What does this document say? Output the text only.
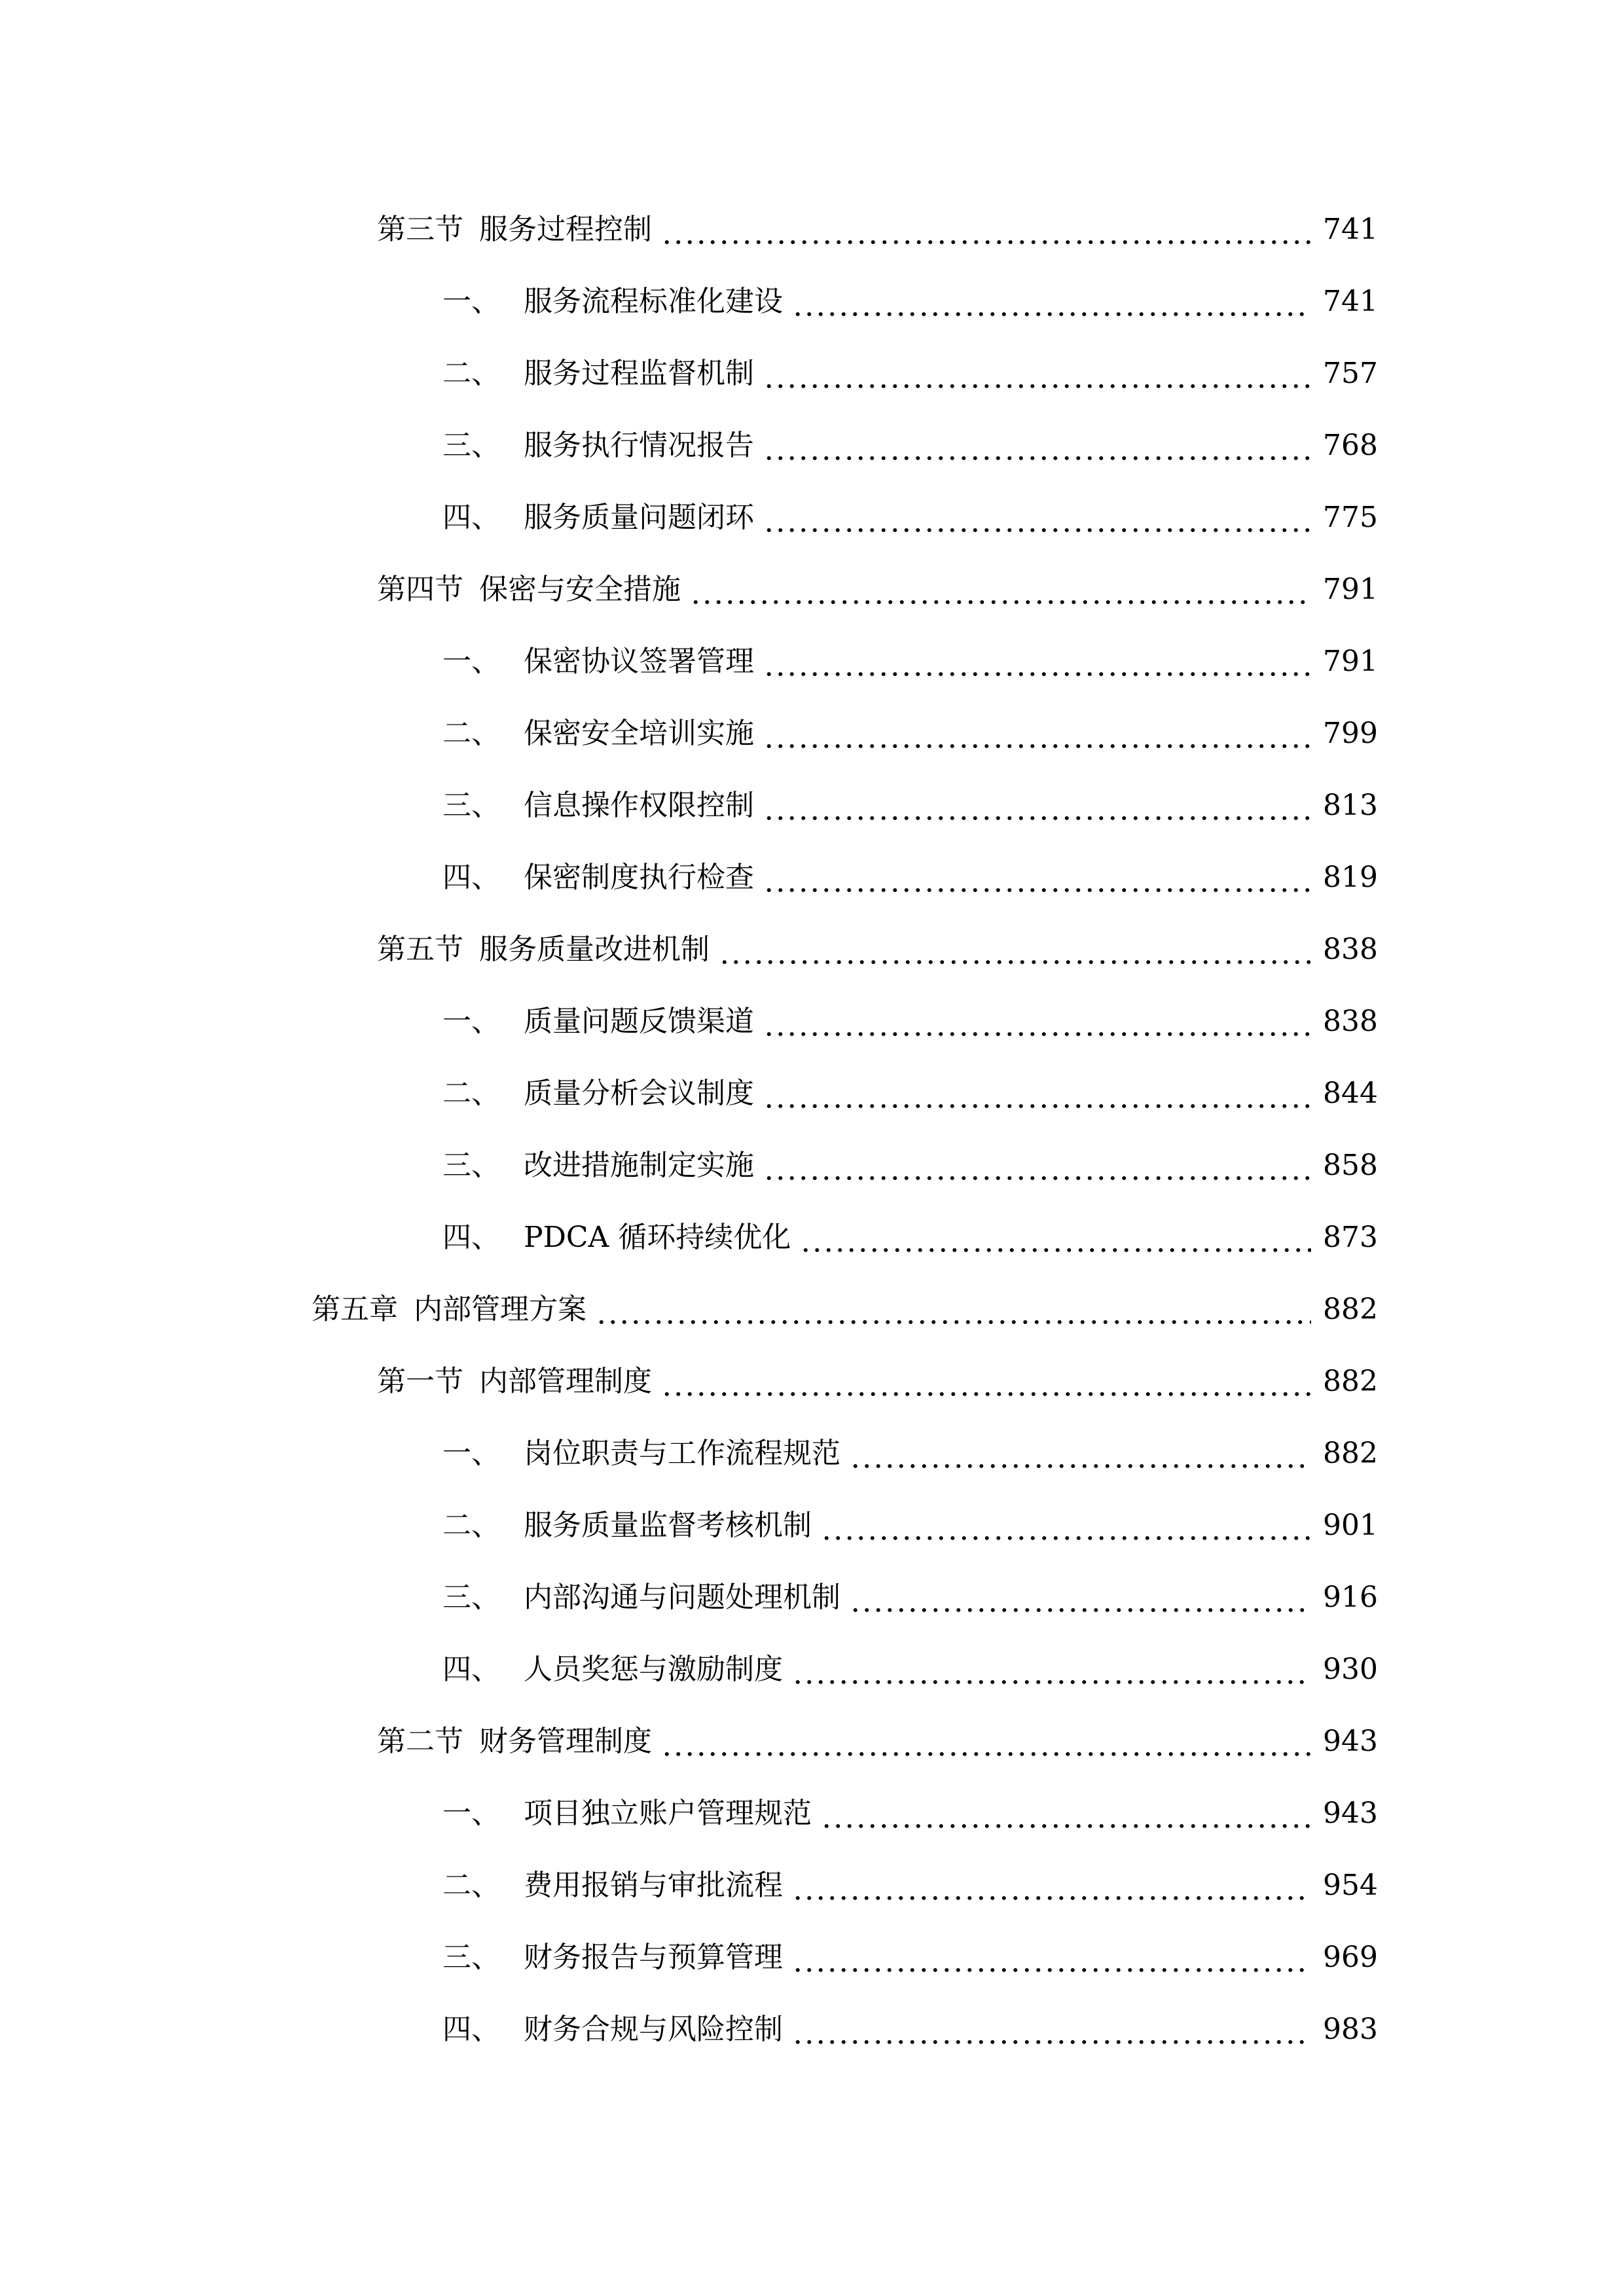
第三节 服务过程控制	741
一、 服务流程标准化建设	741
二、 服务过程监督机制	757
三、 服务执行情况报告	768
四、 服务质量问题闭环	775
第四节 保密与安全措施	791
一、 保密协议签署管理	791
二、 保密安全培训实施	799
三、 信息操作权限控制	813
四、 保密制度执行检查	819
第五节 服务质量改进机制	838
一、 质量问题反馈渠道	838
二、 质量分析会议制度	844
三、 改进措施制定实施	858
四、 PDCA 循环持续优化	873
第五章 内部管理方案	882
第一节 内部管理制度	882
一、 岗位职责与工作流程规范	882
二、 服务质量监督考核机制	901
三、 内部沟通与问题处理机制	916
四、 人员奖惩与激励制度	930
第二节 财务管理制度	943
一、 项目独立账户管理规范	943
二、 费用报销与审批流程	954
三、 财务报告与预算管理	969
四、 财务合规与风险控制	983
